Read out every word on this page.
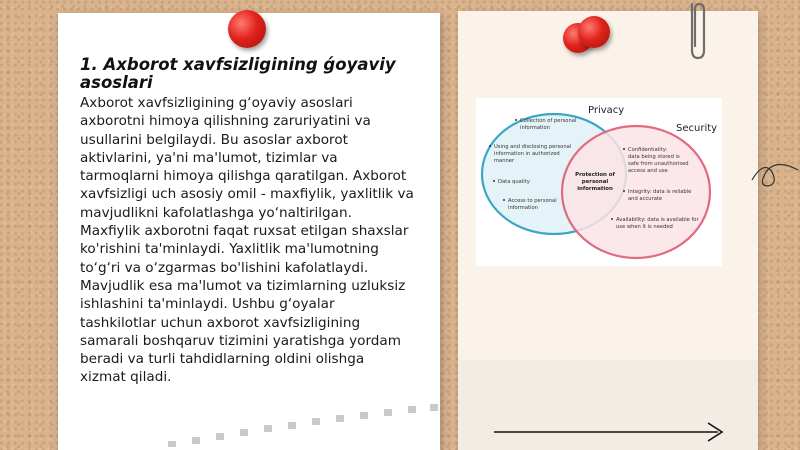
1. Axborot xavfsizligining ǵoyaviy asoslari
Axborot xavfsizligining g‘oyaviy asoslari axborotni himoya qilishning zaruriyatini va usullarini belgilaydi. Bu asoslar axborot aktivlarini, ya'ni ma'lumot, tizimlar va tarmoqlarni himoya qilishga qaratilgan. Axborot xavfsizligi uch asosiy omil - maxfiylik, yaxlitlik va mavjudlikni kafolatlashga yo‘naltirilgan. Maxfiylik axborotni faqat ruxsat etilgan shaxslar ko'rishini ta'minlaydi. Yaxlitlik ma'lumotning to‘g‘ri va o‘zgarmas bo'lishini kafolatlaydi. Mavjudlik esa ma'lumot va tizimlarning uzluksiz ishlashini ta'minlaydi. Ushbu g‘oyalar tashkilotlar uchun axborot xavfsizligining samarali boshqaruv tizimini yaratishga yordam beradi va turli tahdidlarning oldini olishga xizmat qiladi.
Privacy
Security
Collection of personal
information
Using and disclosing personal
information in authorized
manner
Data quality
Access to personal
information
Protection of
personal
information
Confidentiality:
data being stored is
safe from unauthorised
access and use
Integrity: data is reliable
and accurate
Availability: data is available for
use when it is needed
